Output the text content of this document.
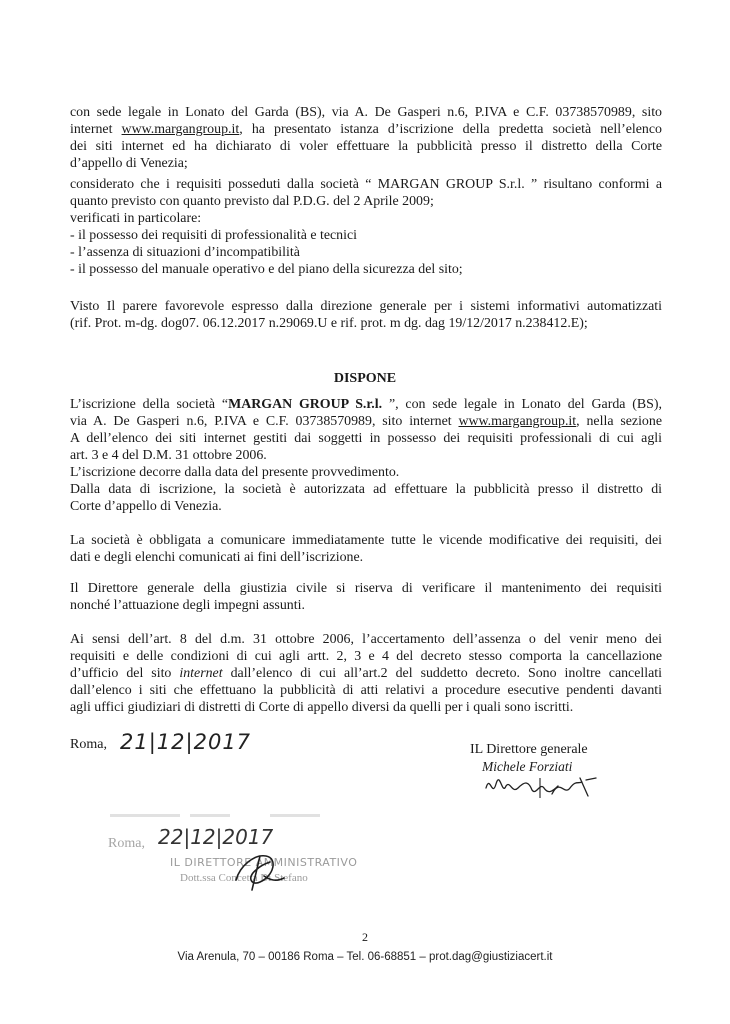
con sede legale in Lonato del Garda (BS), via A. De Gasperi n.6, P.IVA e C.F. 03738570989, sito
internet www.margangroup.it, ha presentato istanza d’iscrizione della predetta società nell’elenco
dei siti internet ed ha dichiarato di voler effettuare la pubblicità presso il distretto della Corte
d’appello di Venezia;
considerato che i requisiti posseduti dalla società “ MARGAN GROUP S.r.l. ” risultano conformi a
quanto previsto con quanto previsto dal P.D.G. del 2 Aprile 2009;
verificati in particolare:
- il possesso dei requisiti di professionalità e tecnici
- l’assenza di situazioni d’incompatibilità
- il possesso del manuale operativo e del piano della sicurezza del sito;
Visto Il parere favorevole espresso dalla direzione generale per i sistemi informativi automatizzati
(rif. Prot. m-dg. dog07. 06.12.2017 n.29069.U e rif. prot. m dg. dag 19/12/2017 n.238412.E);
DISPONE
L’iscrizione della società “MARGAN GROUP S.r.l. ”, con sede legale in Lonato del Garda (BS),
via A. De Gasperi n.6, P.IVA e C.F. 03738570989, sito internet www.margangroup.it, nella sezione
A dell’elenco dei siti internet gestiti dai soggetti in possesso dei requisiti professionali di cui agli
art. 3 e 4 del D.M. 31 ottobre 2006.
L’iscrizione decorre dalla data del presente provvedimento.
Dalla data di iscrizione, la società è autorizzata ad effettuare la pubblicità presso il distretto di
Corte d’appello di Venezia.
La società è obbligata a comunicare immediatamente tutte le vicende modificative dei requisiti, dei
dati e degli elenchi comunicati ai fini dell’iscrizione.
Il Direttore generale della giustizia civile si riserva di verificare il mantenimento dei requisiti
nonché l’attuazione degli impegni assunti.
Ai sensi dell’art. 8 del d.m. 31 ottobre 2006, l’accertamento dell’assenza o del venir meno dei
requisiti e delle condizioni di cui agli artt. 2, 3 e 4 del decreto stesso comporta la cancellazione
d’ufficio del sito internet dall’elenco di cui all’art.2 del suddetto decreto. Sono inoltre cancellati
dall’elenco i siti che effettuano la pubblicità di atti relativi a procedure esecutive pendenti davanti
agli uffici giudiziari di distretti di Corte di appello diversi da quelli per i quali sono iscritti.
Roma, 21|12|2017	IL Direttore generale
Michele Forziati
Roma, 22|12|2017
IL DIRETTORE AMMINISTRATIVO
Dott.ssa Concetta Di Stefano
2
Via Arenula, 70 – 00186 Roma – Tel. 06-68851 – prot.dag@giustiziacert.it
